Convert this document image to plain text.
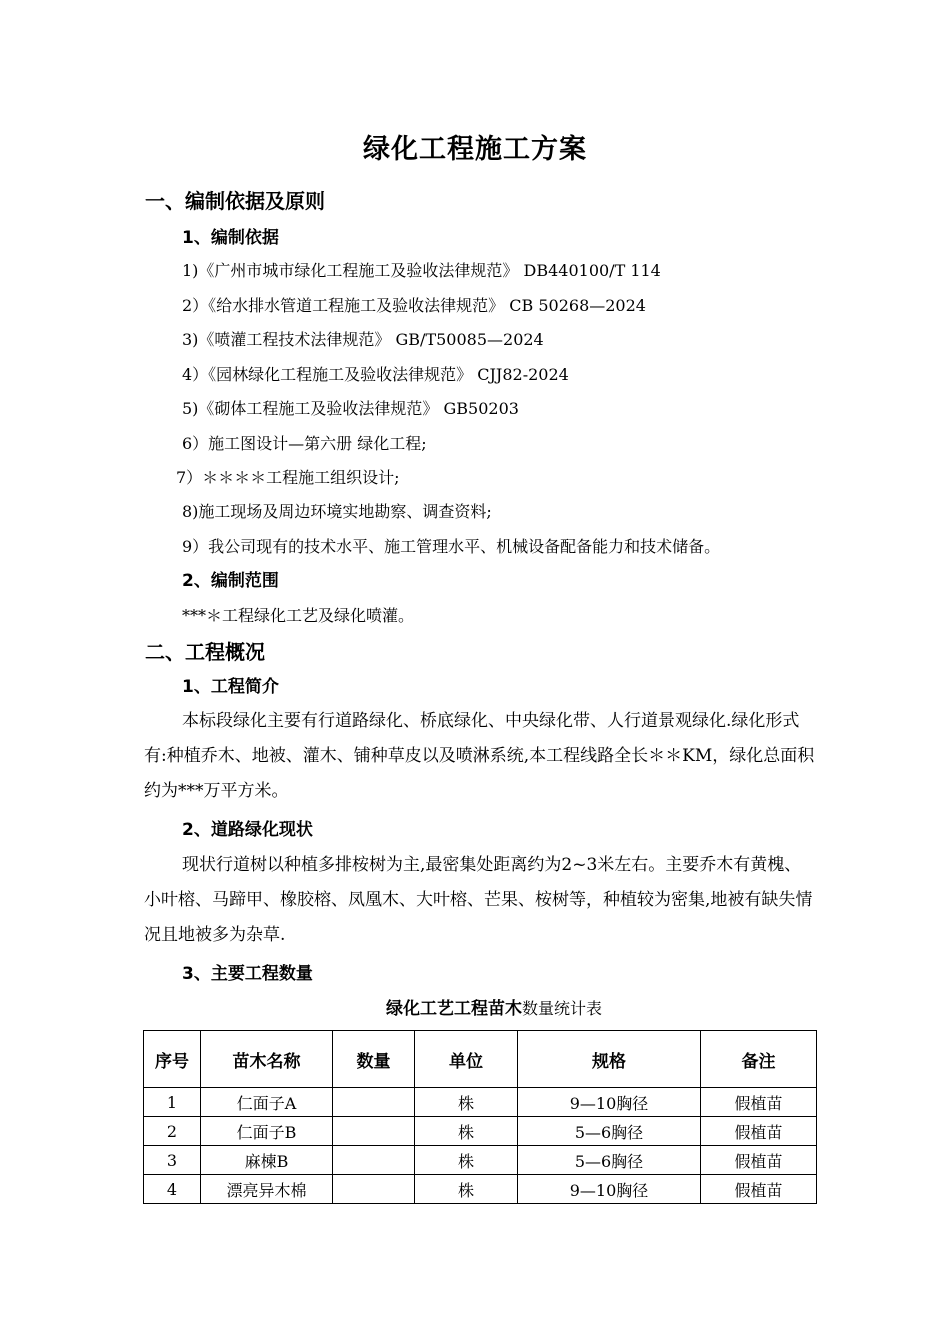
绿化工程施工方案
一、编制依据及原则
1、编制依据
1)《广州市城市绿化工程施工及验收法律规范》 DB440100/T 114
2）《给水排水管道工程施工及验收法律规范》 CB 50268—2024
3)《喷灌工程技术法律规范》 GB/T50085—2024
4）《园林绿化工程施工及验收法律规范》 CJJ82-2024
5)《砌体工程施工及验收法律规范》 GB50203
6）施工图设计—第六册 绿化工程;
7）＊＊＊＊工程施工组织设计;
8)施工现场及周边环境实地勘察、调查资料;
9）我公司现有的技术水平、施工管理水平、机械设备配备能力和技术储备。
2、编制范围
***＊工程绿化工艺及绿化喷灌。
二、工程概况
1、工程简介
本标段绿化主要有行道路绿化、桥底绿化、中央绿化带、人行道景观绿化.绿化形式有:种植乔木、地被、灌木、铺种草皮以及喷淋系统,本工程线路全长＊＊KM，绿化总面积约为***万平方米。
2、道路绿化现状
现状行道树以种植多排桉树为主,最密集处距离约为2~3米左右。主要乔木有黄槐、小叶榕、马蹄甲、橡胶榕、凤凰木、大叶榕、芒果、桉树等，种植较为密集,地被有缺失情况且地被多为杂草.
3、主要工程数量
绿化工艺工程苗木数量统计表
序号	苗木名称	数量	单位	规格	备注
1	仁面子A		株	9—10胸径	假植苗
2	仁面子B		株	5—6胸径	假植苗
3	麻楝B		株	5—6胸径	假植苗
4	漂亮异木棉		株	9—10胸径	假植苗
